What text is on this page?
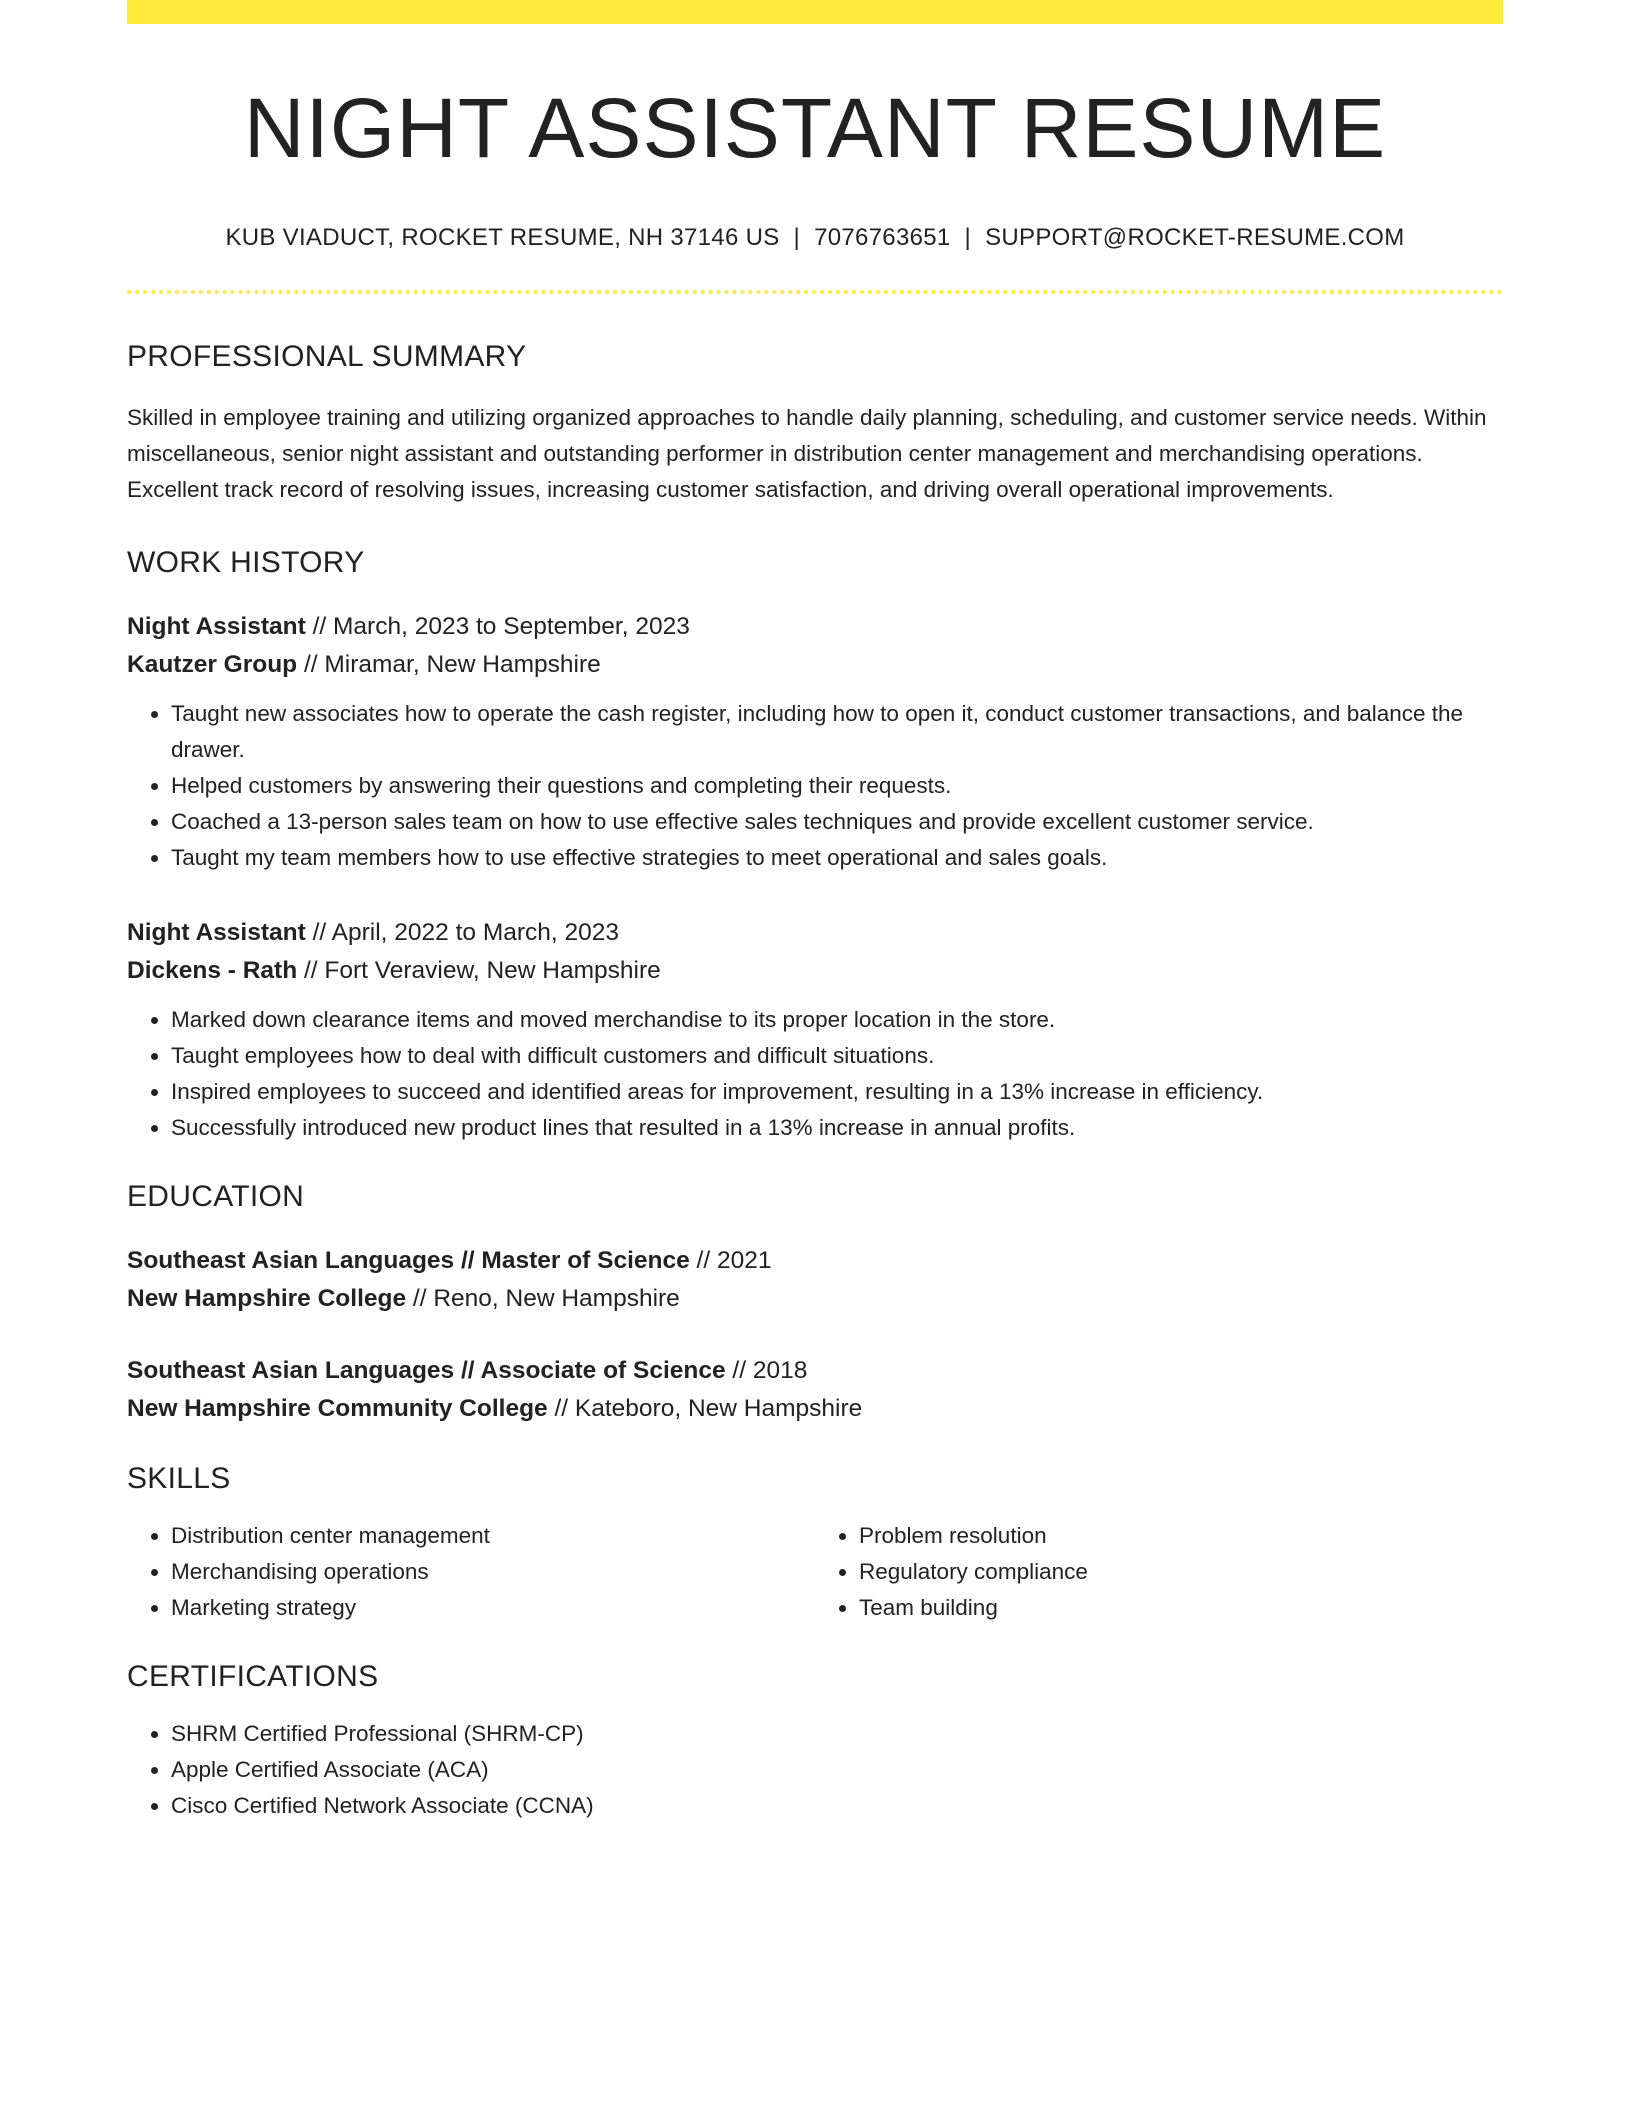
NIGHT ASSISTANT RESUME
KUB VIADUCT, ROCKET RESUME, NH 37146 US | 7076763651 | SUPPORT@ROCKET-RESUME.COM
PROFESSIONAL SUMMARY

Skilled in employee training and utilizing organized approaches to handle daily planning, scheduling, and customer service needs. Within miscellaneous, senior night assistant and outstanding performer in distribution center management and merchandising operations. Excellent track record of resolving issues, increasing customer satisfaction, and driving overall operational improvements.

WORK HISTORY
Night Assistant // March, 2023 to September, 2023
Kautzer Group // Miramar, New Hampshire
• Taught new associates how to operate the cash register, including how to open it, conduct customer transactions, and balance the drawer.
• Helped customers by answering their questions and completing their requests.
• Coached a 13-person sales team on how to use effective sales techniques and provide excellent customer service.
• Taught my team members how to use effective strategies to meet operational and sales goals.
Night Assistant // April, 2022 to March, 2023
Dickens - Rath // Fort Veraview, New Hampshire
• Marked down clearance items and moved merchandise to its proper location in the store.
• Taught employees how to deal with difficult customers and difficult situations.
• Inspired employees to succeed and identified areas for improvement, resulting in a 13% increase in efficiency.
• Successfully introduced new product lines that resulted in a 13% increase in annual profits.
EDUCATION
Southeast Asian Languages // Master of Science // 2021
New Hampshire College // Reno, New Hampshire
Southeast Asian Languages // Associate of Science // 2018
New Hampshire Community College // Kateboro, New Hampshire
SKILLS
• Distribution center management
• Merchandising operations
• Marketing strategy
• Problem resolution
• Regulatory compliance
• Team building
CERTIFICATIONS
• SHRM Certified Professional (SHRM-CP)
• Apple Certified Associate (ACA)
• Cisco Certified Network Associate (CCNA)
